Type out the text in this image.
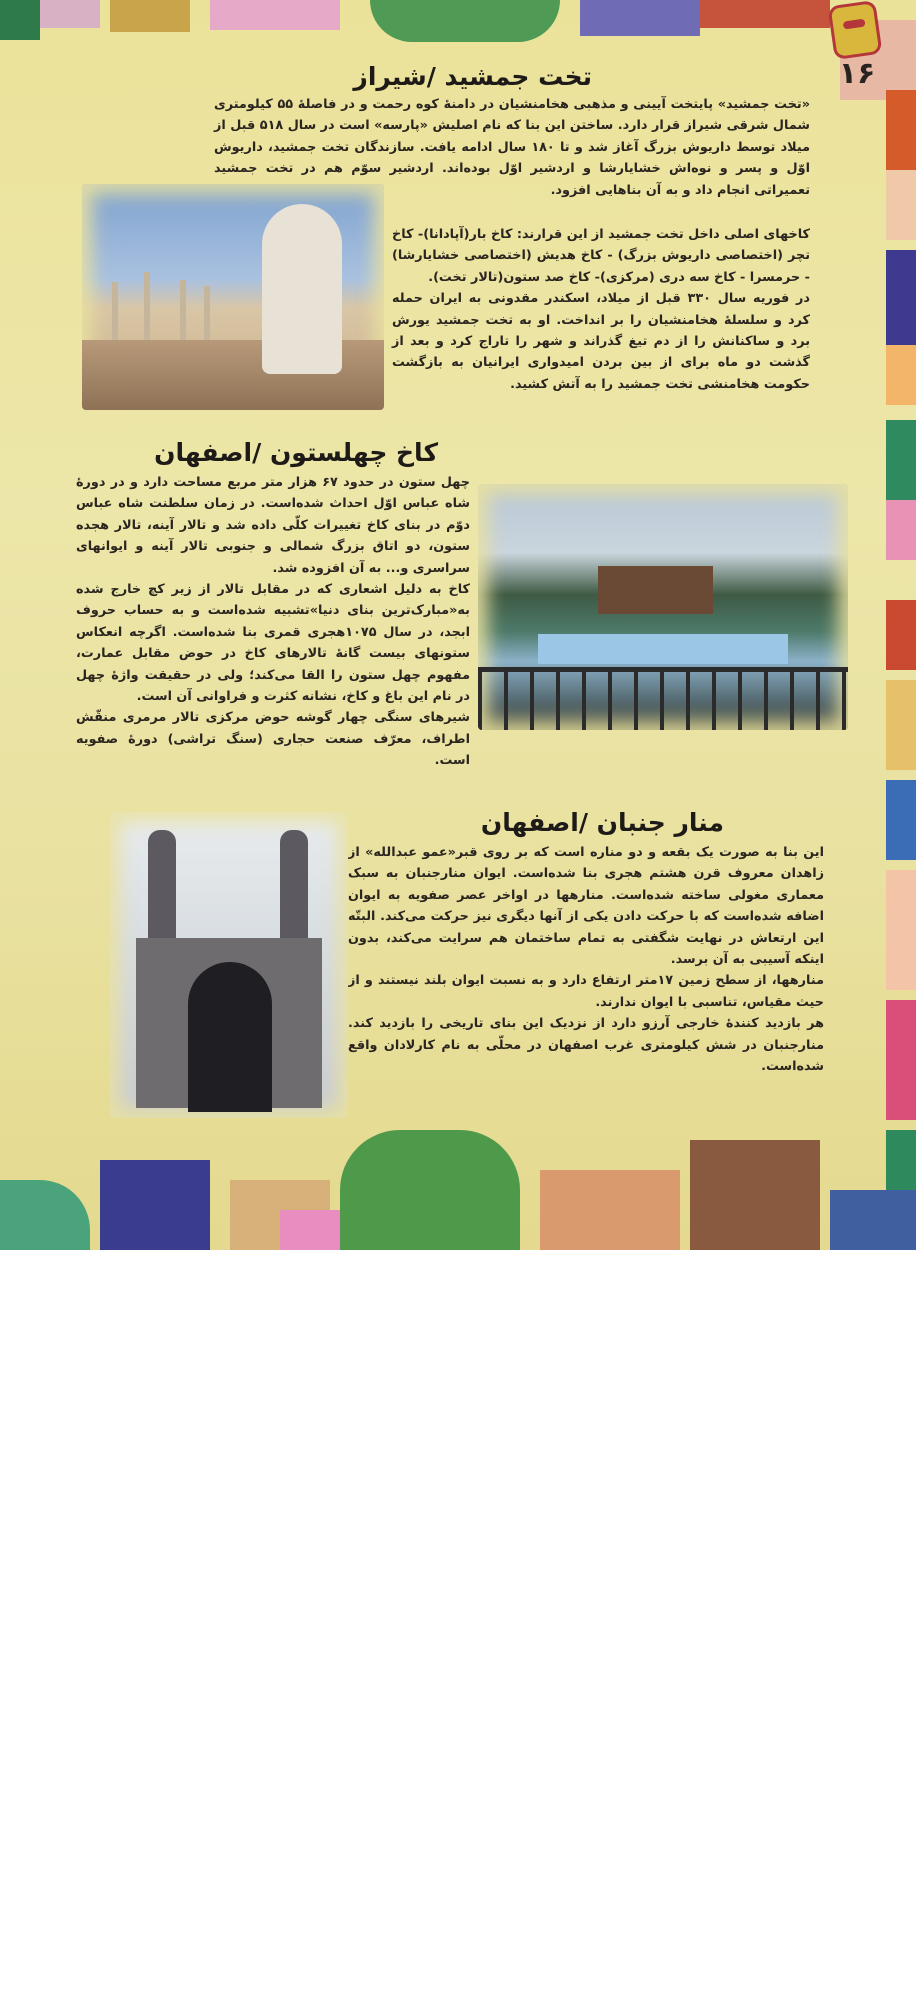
۱۶
تخت جمشید /شیراز

«تخت جمشید» پایتخت آیینی و مذهبی هخامنشیان در دامنهٔ کوه رحمت و در فاصلهٔ ۵۵ کیلومتری شمال شرقی شیراز قرار دارد. ساختن این بنا که نام اصلیش «پارسه» است در سال ۵۱۸ قبل از میلاد توسط داریوش بزرگ آغاز شد و تا ۱۸۰ سال ادامه یافت. سازندگان تخت جمشید، داریوش اوّل و پسر و نوه‌اش خشایارشا و اردشیر اوّل بوده‌اند. اردشیر سوّم هم در تخت جمشید تعمیراتی انجام داد و به آن بناهایی افزود.

کاخهای اصلی داخل تخت جمشید از این قرارند: کاخ بار(آپادانا)- کاخ تچر (اختصاصی داریوش بزرگ) - کاخ هدیش (اختصاصی خشایارشا) - حرمسرا - کاخ سه دری (مرکزی)- کاخ صد ستون(تالار تخت).

در فوریه سال ۳۳۰ قبل از میلاد، اسکندر مقدونی به ایران حمله کرد و سلسلهٔ هخامنشیان را بر انداخت. او به تخت جمشید یورش برد و ساکنانش را از دم تیغ گذراند و شهر را تاراج کرد و بعد از گذشت دو ماه برای از بین بردن امیدواری ایرانیان به بازگشت حکومت هخامنشی تخت جمشید را به آتش کشید.

کاخ چهلستون /اصفهان

چهل ستون در حدود ۶۷ هزار متر مربع مساحت دارد و در دورهٔ شاه عباس اوّل احداث شده‌است. در زمان سلطنت شاه عباس دوّم در بنای کاخ تغییرات کلّی داده شد و تالار آینه، تالار هجده ستون، دو اتاق بزرگ شمالی و جنوبی تالار آینه و ایوانهای سراسری و... به آن افزوده شد.

کاخ به دلیل اشعاری که در مقابل تالار از زیر کچ خارج شده به«مبارک‌ترین بنای دنیا»تشبیه شده‌است و به حساب حروف ابجد، در سال ۱۰۷۵هجری قمری بنا شده‌است. اگرچه انعکاس ستونهای بیست گانهٔ تالارهای کاخ در حوض مقابل عمارت، مفهوم چهل ستون را القا می‌کند؛ ولی در حقیقت واژهٔ چهل در نام این باغ و کاخ، نشانه کثرت و فراوانی آن است.

شیرهای سنگی چهار گوشه حوض مرکزی تالار مرمری منقّش اطراف، معرّف صنعت حجاری (سنگ تراشی) دورهٔ صفویه است.

منار جنبان /اصفهان

این بنا به صورت یک بقعه و دو مناره است که بر روی قبر«عمو عبدالله» از زاهدان معروف قرن هشتم هجری بنا شده‌است. ایوان منارجنبان به سبک معماری مغولی ساخته شده‌است. منارهها در اواخر عصر صفویه به ایوان اضافه شده‌است که با حرکت دادن یکی از آنها دیگری نیز حرکت می‌کند. البتّه این ارتعاش در نهایت شگفتی به تمام ساختمان هم سرایت می‌کند، بدون اینکه آسیبی به آن برسد.

منارهها، از سطح زمین ۱۷متر ارتفاع دارد و به نسبت ایوان بلند نیستند و از حیث مقیاس، تناسبی با ایوان ندارند.

هر بازدید کنندهٔ خارجی آرزو دارد از نزدیک این بنای تاریخی را بازدید کند. منارجنبان در شش کیلومتری غرب اصفهان در محلّی به نام کارلادان واقع شده‌است.
